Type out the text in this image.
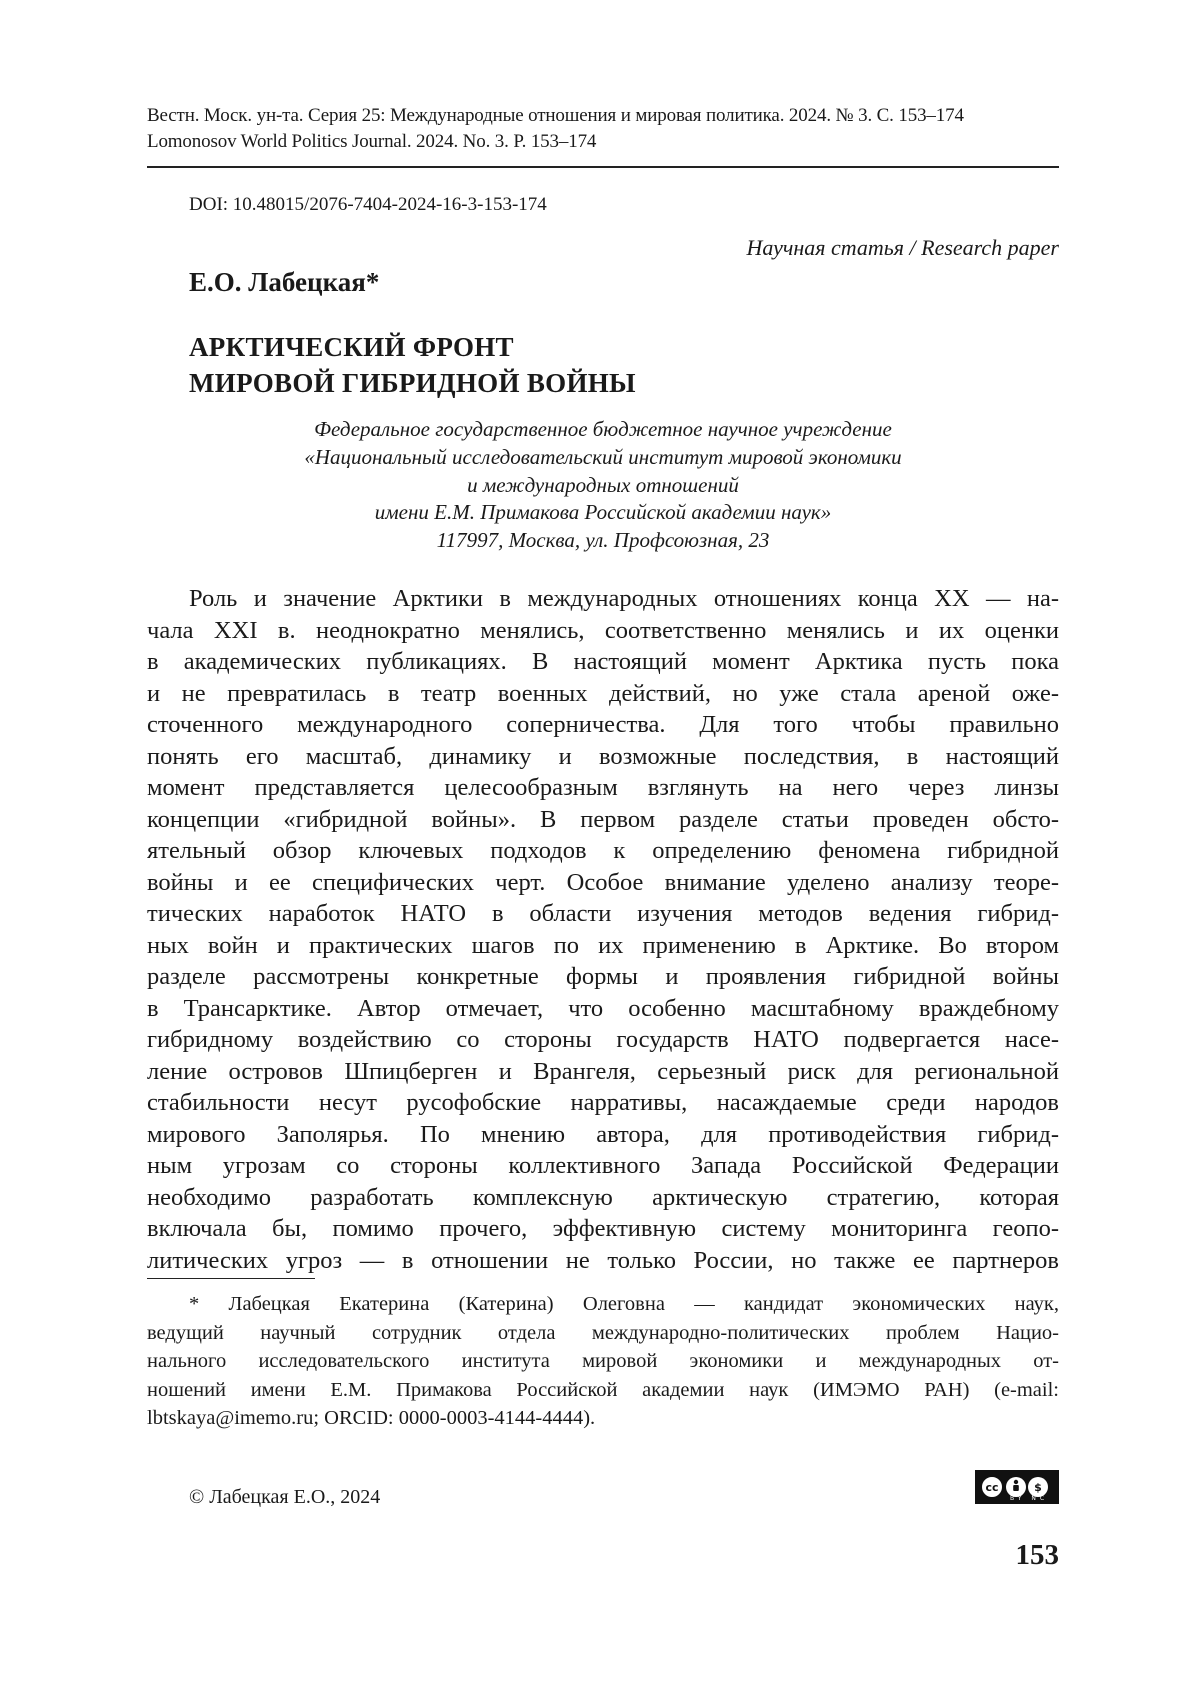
Вестн. Моск. ун-та. Серия 25: Международные отношения и мировая политика. 2024. № 3. С. 153–174
Lomonosov World Politics Journal. 2024. No. 3. P. 153–174
DOI: 10.48015/2076-7404-2024-16-3-153-174
Научная статья / Research paper
Е.О. Лабецкая*
АРКТИЧЕСКИЙ ФРОНТ
МИРОВОЙ ГИБРИДНОЙ ВОЙНЫ
Федеральное государственное бюджетное научное учреждение
«Национальный исследовательский институт мировой экономики
и международных отношений
имени Е.М. Примакова Российской академии наук»
117997, Москва, ул. Профсоюзная, 23
Роль и значение Арктики в международных отношениях конца XX — на-
чала XXI в. неоднократно менялись, соответственно менялись и их оценки
в академических публикациях. В настоящий момент Арктика пусть пока
и не превратилась в театр военных действий, но уже стала ареной оже-
сточенного международного соперничества. Для того чтобы правильно
понять его масштаб, динамику и возможные последствия, в настоящий
момент представляется целесообразным взглянуть на него через линзы
концепции «гибридной войны». В первом разделе статьи проведен обсто-
ятельный обзор ключевых подходов к определению феномена гибридной
войны и ее специфических черт. Особое внимание уделено анализу теоре-
тических наработок НАТО в области изучения методов ведения гибрид-
ных войн и практических шагов по их применению в Арктике. Во втором
разделе рассмотрены конкретные формы и проявления гибридной войны
в Трансарктике. Автор отмечает, что особенно масштабному враждебному
гибридному воздействию со стороны государств НАТО подвергается насе-
ление островов Шпицберген и Врангеля, серьезный риск для региональной
стабильности несут русофобские нарративы, насаждаемые среди народов
мирового Заполярья. По мнению автора, для противодействия гибрид-
ным угрозам со стороны коллективного Запада Российской Федерации
необходимо разработать комплексную арктическую стратегию, которая
включала бы, помимо прочего, эффективную систему мониторинга геопо-
литических угроз — в отношении не только России, но также ее партнеров
* Лабецкая Екатерина (Катерина) Олеговна — кандидат экономических наук,
ведущий научный сотрудник отдела международно-политических проблем Нацио-
нального исследовательского института мировой экономики и международных от-
ношений имени Е.М. Примакова Российской академии наук (ИМЭМО РАН) (e-mail:
lbtskaya@imemo.ru; ORCID: 0000-0003-4144-4444).
© Лабецкая Е.О., 2024	cc	$
BY NC
153
